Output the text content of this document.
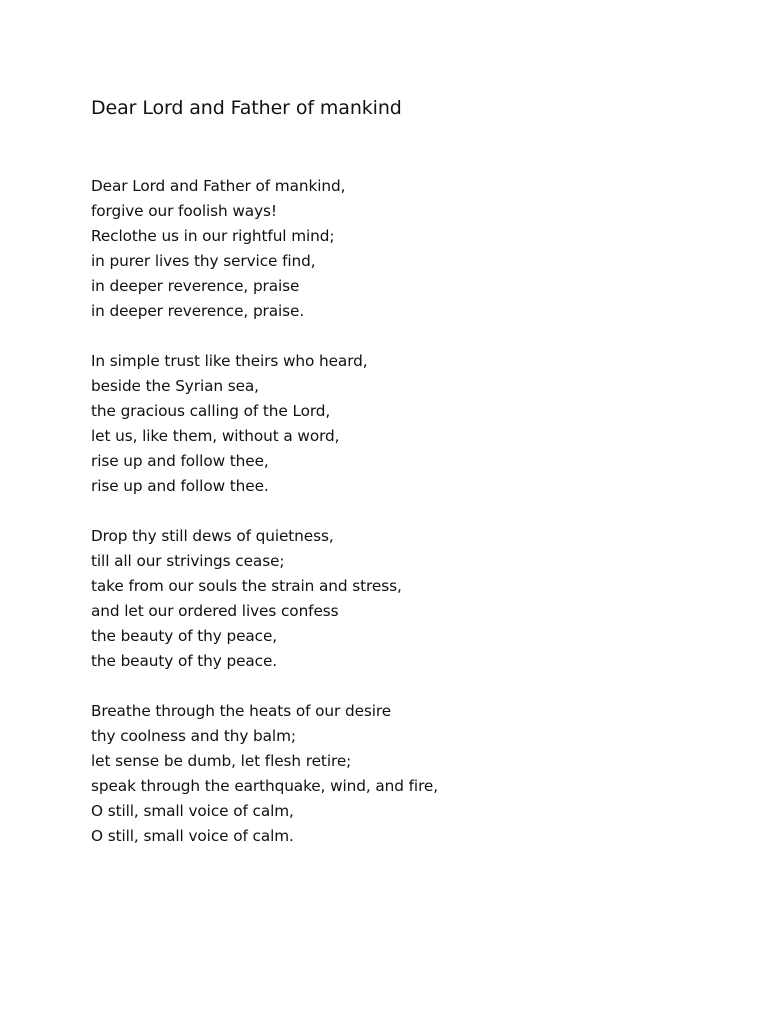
Dear Lord and Father of mankind
Dear Lord and Father of mankind,
forgive our foolish ways!
Reclothe us in our rightful mind;
in purer lives thy service find,
in deeper reverence, praise
in deeper reverence, praise.
In simple trust like theirs who heard,
beside the Syrian sea,
the gracious calling of the Lord,
let us, like them, without a word,
rise up and follow thee,
rise up and follow thee.
Drop thy still dews of quietness,
till all our strivings cease;
take from our souls the strain and stress,
and let our ordered lives confess
the beauty of thy peace,
the beauty of thy peace.
Breathe through the heats of our desire
thy coolness and thy balm;
let sense be dumb, let flesh retire;
speak through the earthquake, wind, and fire,
O still, small voice of calm,
O still, small voice of calm.
